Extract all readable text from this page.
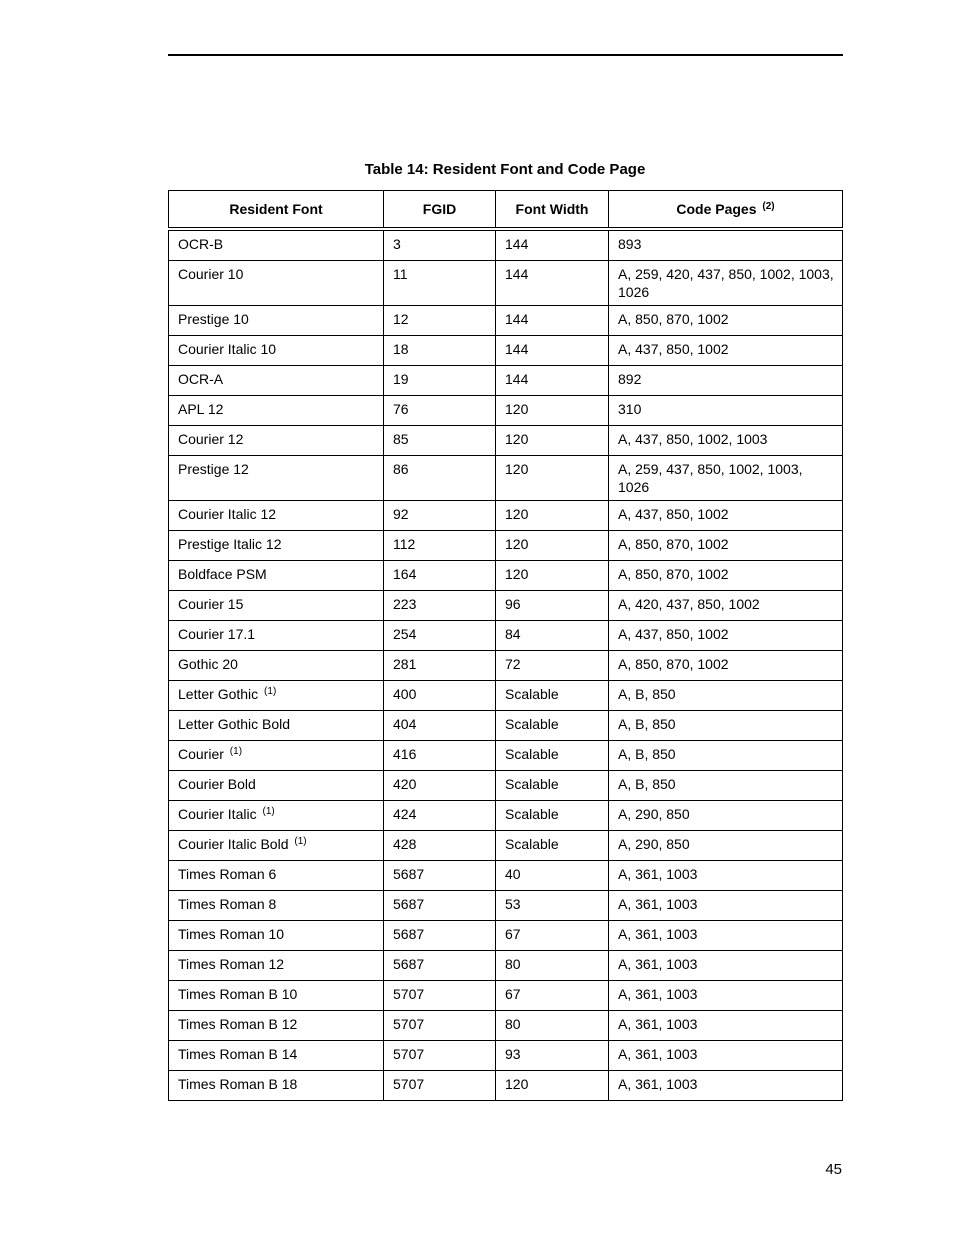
Table 14: Resident Font and Code Page
Resident Font	FGID	Font Width	Code Pages $^{(2)}$
OCR-B	3	144	893
Courier 10	11	144	A, 259, 420, 437, 850, 1002, 1003, 1026
Prestige 10	12	144	A, 850, 870, 1002
Courier Italic 10	18	144	A, 437, 850, 1002
OCR-A	19	144	892
APL 12	76	120	310
Courier 12	85	120	A, 437, 850, 1002, 1003
Prestige 12	86	120	A, 259, 437, 850, 1002, 1003, 1026
Courier Italic 12	92	120	A, 437, 850, 1002
Prestige Italic 12	112	120	A, 850, 870, 1002
Boldface PSM	164	120	A, 850, 870, 1002
Courier 15	223	96	A, 420, 437, 850, 1002
Courier 17.1	254	84	A, 437, 850, 1002
Gothic 20	281	72	A, 850, 870, 1002
Letter Gothic $^{(1)}$	400	Scalable	A, B, 850
Letter Gothic Bold	404	Scalable	A, B, 850
Courier $^{(1)}$	416	Scalable	A, B, 850
Courier Bold	420	Scalable	A, B, 850
Courier Italic $^{(1)}$	424	Scalable	A, 290, 850
Courier Italic Bold $^{(1)}$	428	Scalable	A, 290, 850
Times Roman 6	5687	40	A, 361, 1003
Times Roman 8	5687	53	A, 361, 1003
Times Roman 10	5687	67	A, 361, 1003
Times Roman 12	5687	80	A, 361, 1003
Times Roman B 10	5707	67	A, 361, 1003
Times Roman B 12	5707	80	A, 361, 1003
Times Roman B 14	5707	93	A, 361, 1003
Times Roman B 18	5707	120	A, 361, 1003
45
